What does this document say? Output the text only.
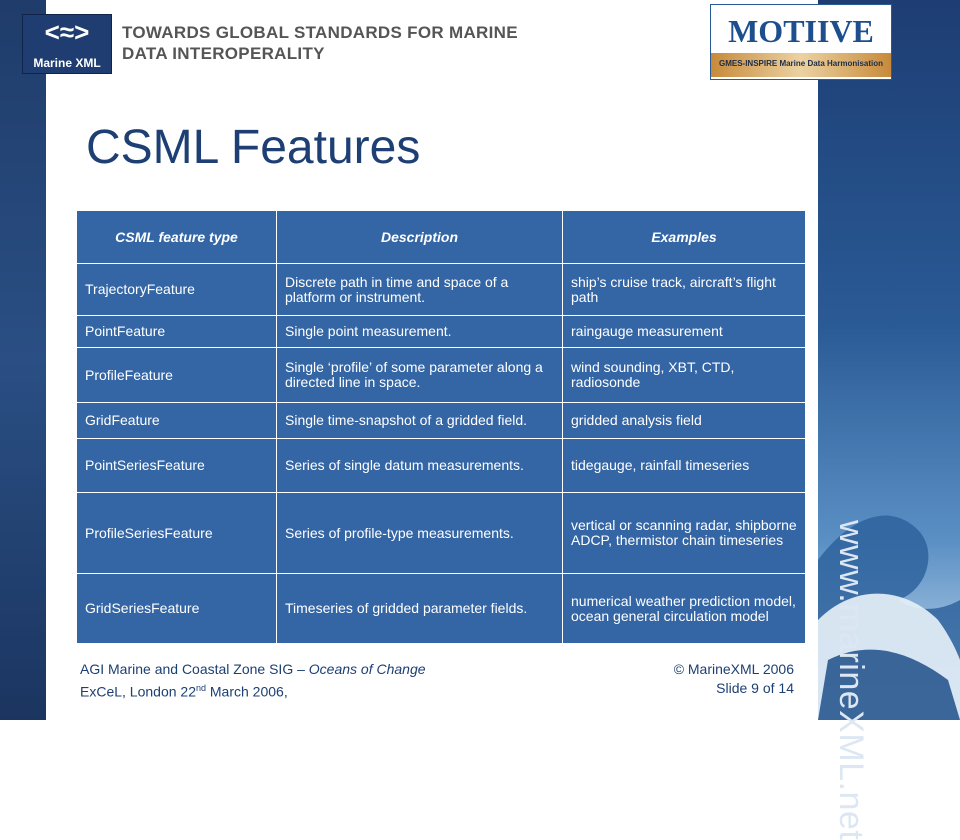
www.marineXML.net
<≈>
Marine XML
TOWARDS GLOBAL STANDARDS FOR MARINE
DATA INTEROPERALITY
MOTIIVE
GMES-INSPIRE Marine Data Harmonisation
CSML Features
CSML feature type	Description	Examples
TrajectoryFeature	Discrete path in time and space of a platform or instrument.	ship’s cruise track, aircraft’s flight path
PointFeature	Single point measurement.	raingauge measurement
ProfileFeature	Single ‘profile’ of some parameter along a directed line in space.	wind sounding, XBT, CTD, radiosonde
GridFeature	Single time-snapshot of a gridded field.	gridded analysis field
PointSeriesFeature	Series of single datum measurements.	tidegauge, rainfall timeseries
ProfileSeriesFeature	Series of profile-type measurements.	vertical or scanning radar, shipborne ADCP, thermistor chain timeseries
GridSeriesFeature	Timeseries of gridded parameter fields.	numerical weather prediction model, ocean general circulation model
AGI Marine and Coastal Zone SIG – Oceans of Change
ExCeL, London 22nd March 2006,
© MarineXML 2006
Slide 9 of 14
